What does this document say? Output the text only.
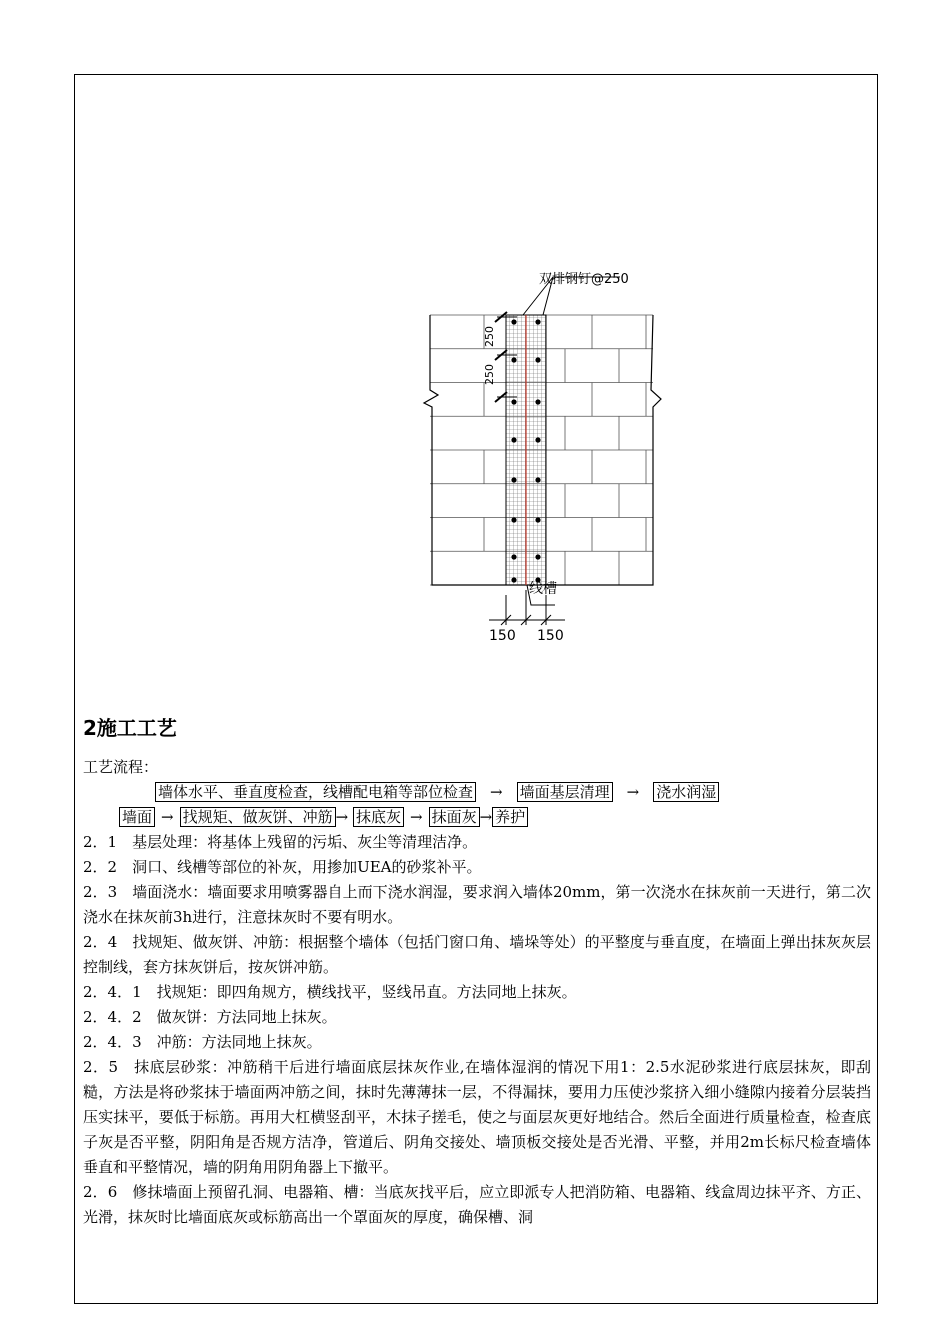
250
250
双排钢钉@250
线槽
150 150
2施工工艺
工艺流程：
墙体水平、垂直度检查，线槽配电箱等部位检查 → 墙面基层清理 → 浇水润湿
墙面 → 找规矩、做灰饼、冲筋 → 抹底灰 → 抹面灰 → 养护

2．1　基层处理：将基体上残留的污垢、灰尘等清理洁净。

2．2　洞口、线槽等部位的补灰，用掺加UEA的砂浆补平。

2．3　墙面浇水：墙面要求用喷雾器自上而下浇水润湿，要求润入墙体20mm，第一次浇水在抹灰前一天进行，第二次浇水在抹灰前3h进行，注意抹灰时不要有明水。

2．4　找规矩、做灰饼、冲筋：根据整个墙体（包括门窗口角、墙垛等处）的平整度与垂直度，在墙面上弹出抹灰灰层控制线，套方抹灰饼后，按灰饼冲筋。

2．4．1　找规矩：即四角规方，横线找平，竖线吊直。方法同地上抹灰。

2．4．2　做灰饼：方法同地上抹灰。

2．4．3　冲筋：方法同地上抹灰。

2．5　抹底层砂浆：冲筋稍干后进行墙面底层抹灰作业,在墙体湿润的情况下用1：2.5水泥砂浆进行底层抹灰，即刮糙，方法是将砂浆抹于墙面两冲筋之间，抹时先薄薄抹一层，不得漏抹，要用力压使沙浆挤入细小缝隙内接着分层装挡压实抹平，要低于标筋。再用大杠横竖刮平，木抹子搓毛，使之与面层灰更好地结合。然后全面进行质量检查，检查底子灰是否平整，阴阳角是否规方洁净，管道后、阴角交接处、墙顶板交接处是否光滑、平整，并用2m长标尺检查墙体垂直和平整情况，墙的阴角用阴角器上下撤平。

2．6　修抹墙面上预留孔洞、电器箱、槽：当底灰找平后，应立即派专人把消防箱、电器箱、线盒周边抹平齐、方正、光滑，抹灰时比墙面底灰或标筋高出一个罩面灰的厚度，确保槽、洞
